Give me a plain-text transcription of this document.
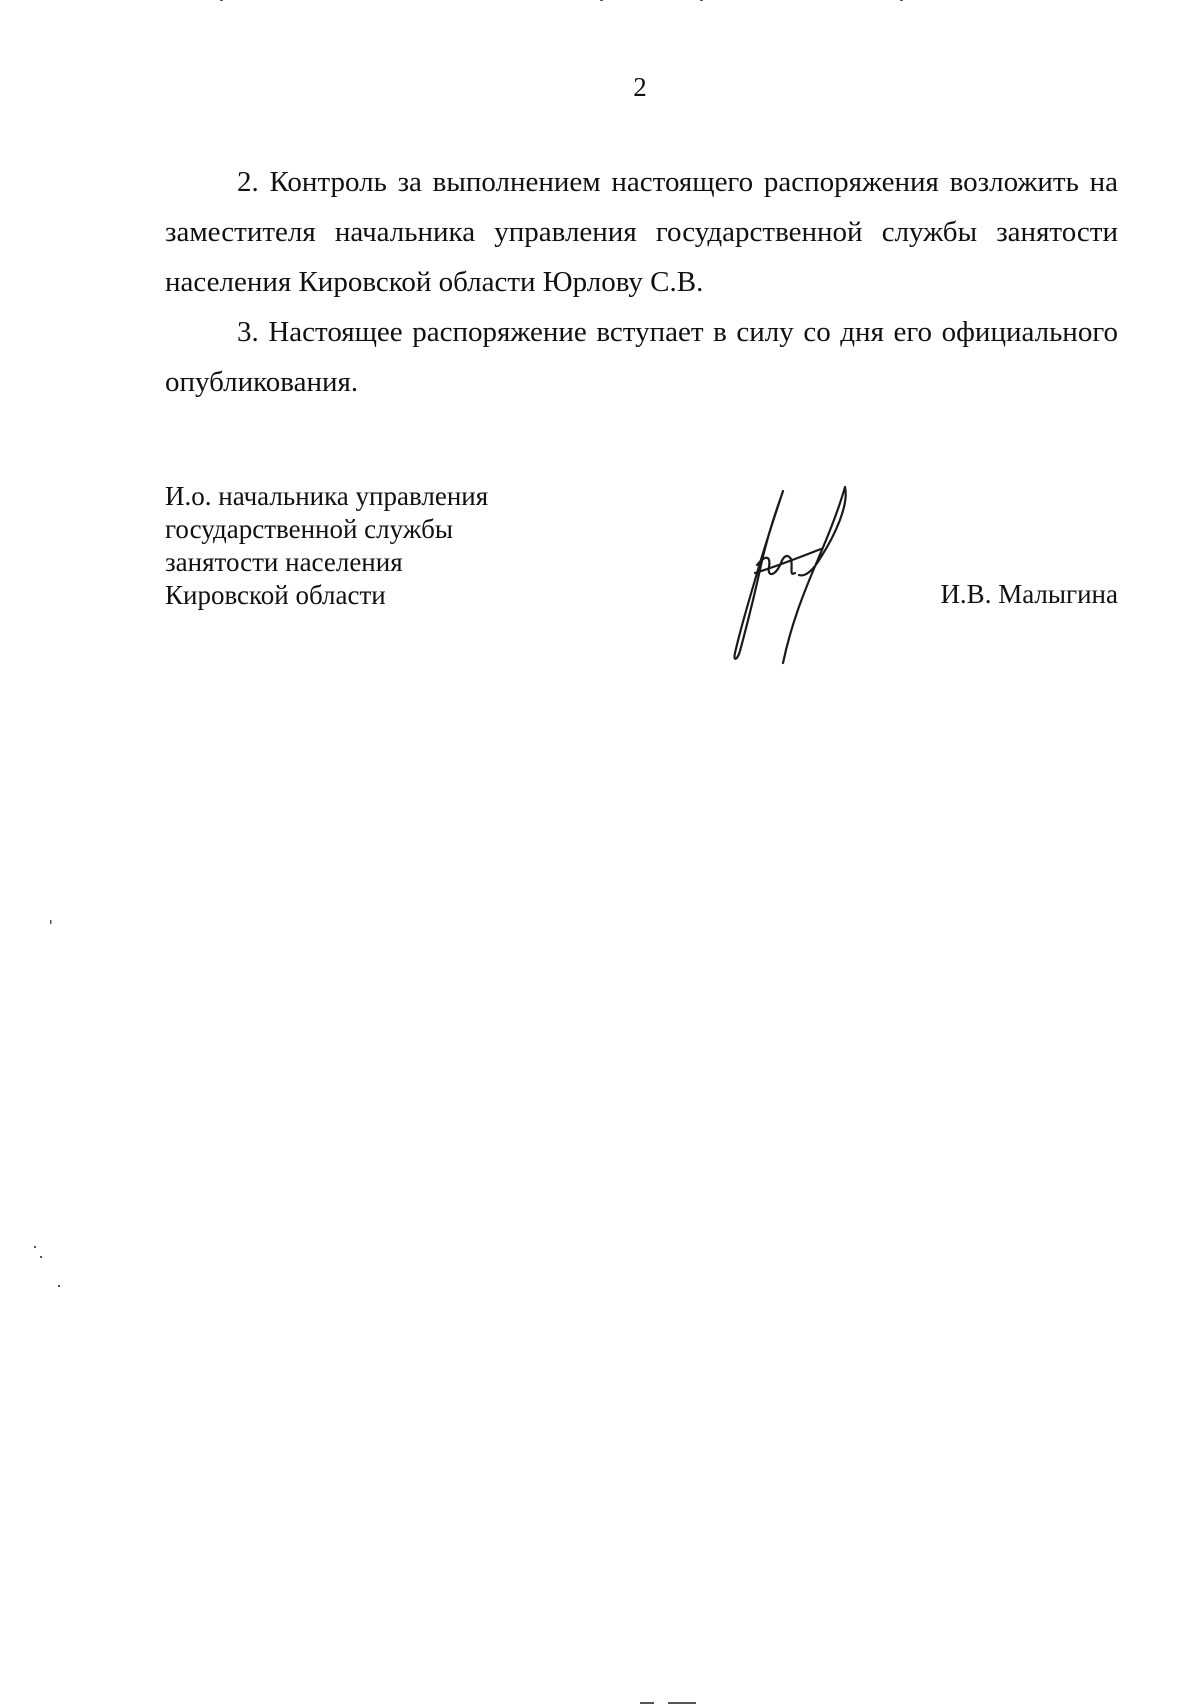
2

2. Контроль за выполнением настоящего распоряжения возложить на заместителя начальника управления государственной службы занятости населения Кировской области Юрлову С.В.

3. Настоящее распоряжение вступает в силу со дня его официального опубликования.

И.о. начальника управления
государственной службы
занятости населения
Кировской области	И.В. Малыгина
